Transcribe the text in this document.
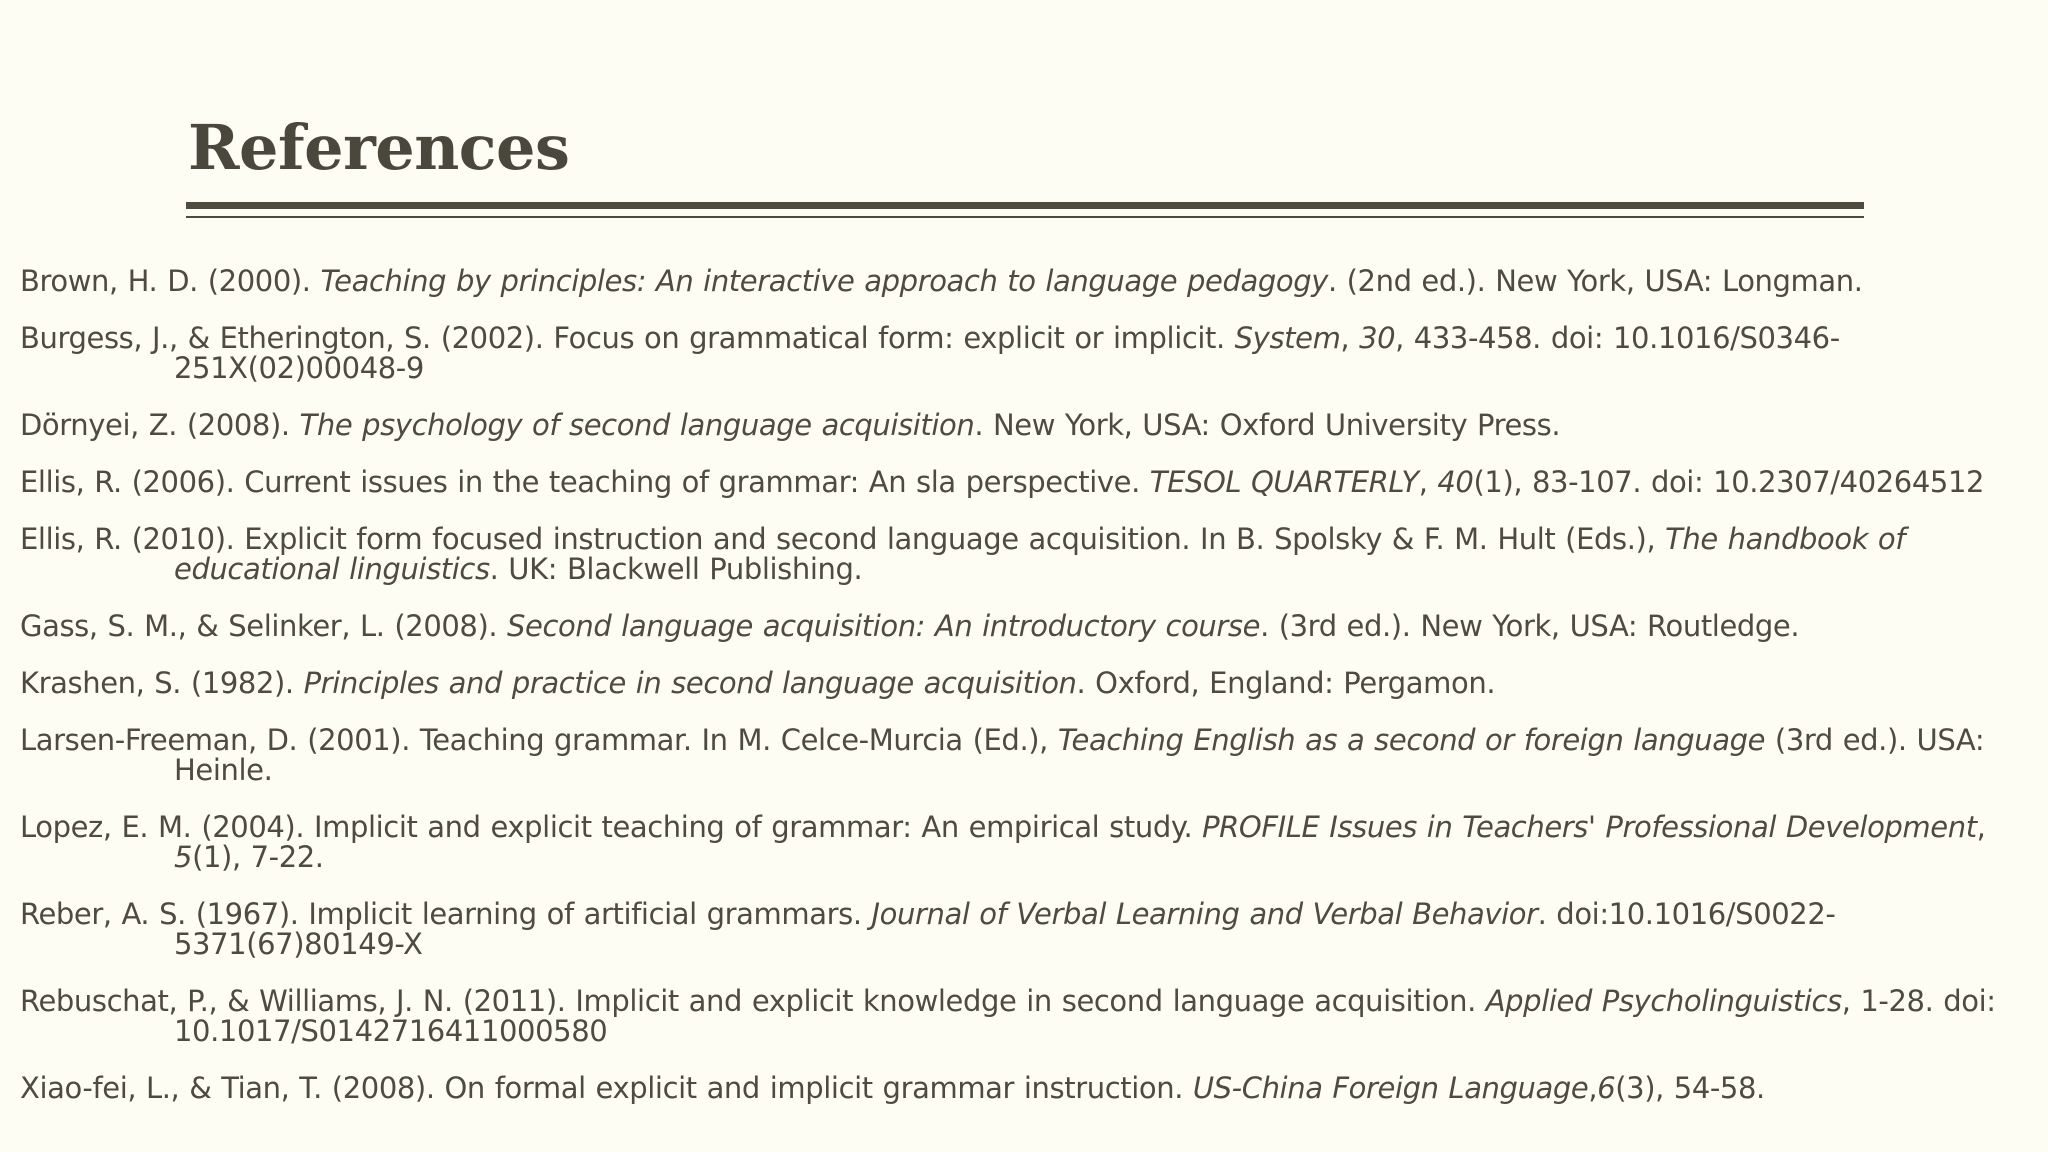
References
Brown, H. D. (2000). Teaching by principles: An interactive approach to language pedagogy. (2nd ed.). New York, USA: Longman.
Burgess, J., & Etherington, S. (2002). Focus on grammatical form: explicit or implicit. System, 30, 433-458. doi: 10.1016/S0346-251X(02)00048-9
Dörnyei, Z. (2008). The psychology of second language acquisition. New York, USA: Oxford University Press.
Ellis, R. (2006). Current issues in the teaching of grammar: An sla perspective. TESOL QUARTERLY, 40(1), 83-107. doi: 10.2307/40264512
Ellis, R. (2010). Explicit form focused instruction and second language acquisition. In B. Spolsky & F. M. Hult (Eds.), The handbook of educational linguistics. UK: Blackwell Publishing.
Gass, S. M., & Selinker, L. (2008). Second language acquisition: An introductory course. (3rd ed.). New York, USA: Routledge.
Krashen, S. (1982). Principles and practice in second language acquisition. Oxford, England: Pergamon.
Larsen-Freeman, D. (2001). Teaching grammar. In M. Celce-Murcia (Ed.), Teaching English as a second or foreign language (3rd ed.). USA: Heinle.
Lopez, E. M. (2004). Implicit and explicit teaching of grammar: An empirical study. PROFILE Issues in Teachers' Professional Development, 5(1), 7-22.
Reber, A. S. (1967). Implicit learning of artificial grammars. Journal of Verbal Learning and Verbal Behavior. doi:10.1016/S0022-5371(67)80149-X
Rebuschat, P., & Williams, J. N. (2011). Implicit and explicit knowledge in second language acquisition. Applied Psycholinguistics, 1-28. doi: 10.1017/S0142716411000580
Xiao-fei, L., & Tian, T. (2008). On formal explicit and implicit grammar instruction. US-China Foreign Language,6(3), 54-58.
